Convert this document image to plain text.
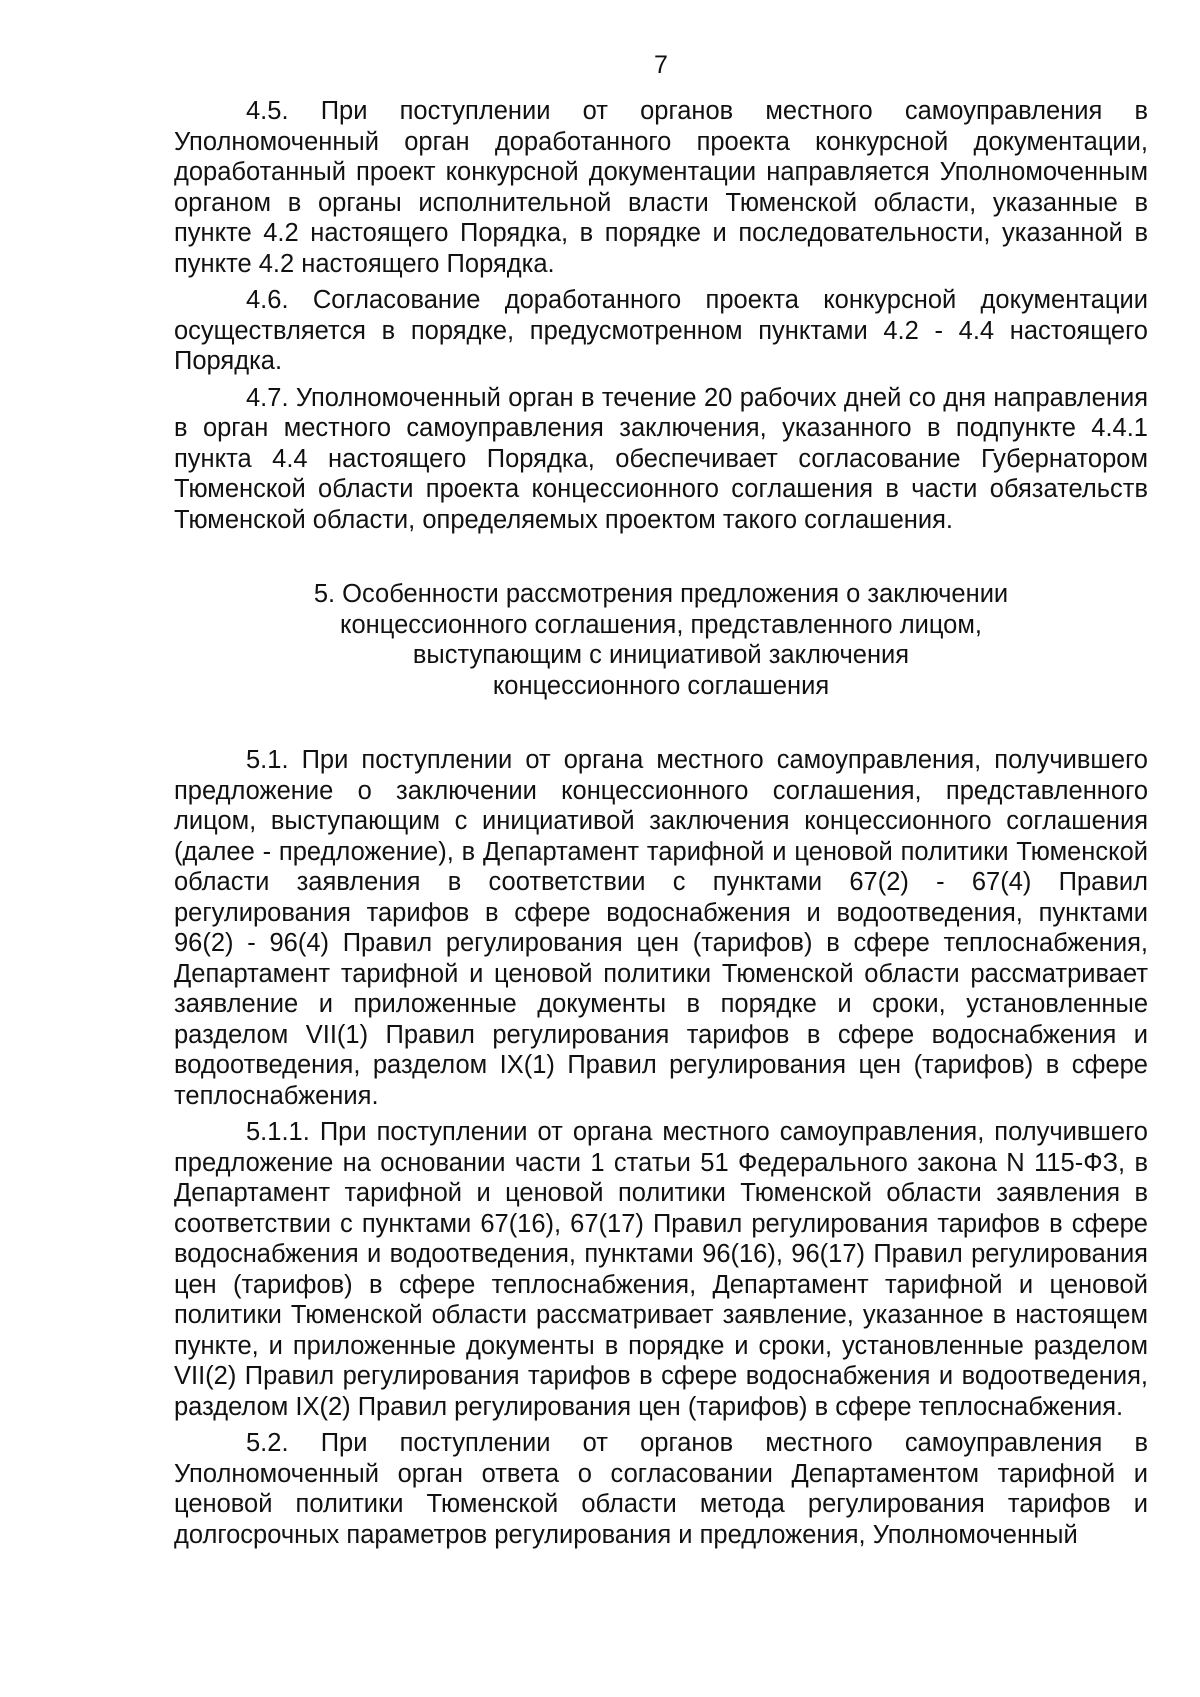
7

4.5. При поступлении от органов местного самоуправления в Уполномоченный орган доработанного проекта конкурсной документации, доработанный проект конкурсной документации направляется Уполномоченным органом в органы исполнительной власти Тюменской области, указанные в пункте 4.2 настоящего Порядка, в порядке и последовательности, указанной в пункте 4.2 настоящего Порядка.

4.6. Согласование доработанного проекта конкурсной документации осуществляется в порядке, предусмотренном пунктами 4.2 - 4.4 настоящего Порядка.

4.7. Уполномоченный орган в течение 20 рабочих дней со дня направления в орган местного самоуправления заключения, указанного в подпункте 4.4.1 пункта 4.4 настоящего Порядка, обеспечивает согласование Губернатором Тюменской области проекта концессионного соглашения в части обязательств Тюменской области, определяемых проектом такого соглашения.

5. Особенности рассмотрения предложения о заключении
концессионного соглашения, представленного лицом,
выступающим с инициативой заключения
концессионного соглашения

5.1. При поступлении от органа местного самоуправления, получившего предложение о заключении концессионного соглашения, представленного лицом, выступающим с инициативой заключения концессионного соглашения (далее - предложение), в Департамент тарифной и ценовой политики Тюменской области заявления в соответствии с пунктами 67(2) - 67(4) Правил регулирования тарифов в сфере водоснабжения и водоотведения, пунктами 96(2) - 96(4) Правил регулирования цен (тарифов) в сфере теплоснабжения, Департамент тарифной и ценовой политики Тюменской области рассматривает заявление и приложенные документы в порядке и сроки, установленные разделом VII(1) Правил регулирования тарифов в сфере водоснабжения и водоотведения, разделом IX(1) Правил регулирования цен (тарифов) в сфере теплоснабжения.

5.1.1. При поступлении от органа местного самоуправления, получившего предложение на основании части 1 статьи 51 Федерального закона N 115-ФЗ, в Департамент тарифной и ценовой политики Тюменской области заявления в соответствии с пунктами 67(16), 67(17) Правил регулирования тарифов в сфере водоснабжения и водоотведения, пунктами 96(16), 96(17) Правил регулирования цен (тарифов) в сфере теплоснабжения, Департамент тарифной и ценовой политики Тюменской области рассматривает заявление, указанное в настоящем пункте, и приложенные документы в порядке и сроки, установленные разделом VII(2) Правил регулирования тарифов в сфере водоснабжения и водоотведения, разделом IX(2) Правил регулирования цен (тарифов) в сфере теплоснабжения.

5.2. При поступлении от органов местного самоуправления в Уполномоченный орган ответа о согласовании Департаментом тарифной и ценовой политики Тюменской области метода регулирования тарифов и долгосрочных параметров регулирования и предложения, Уполномоченный
